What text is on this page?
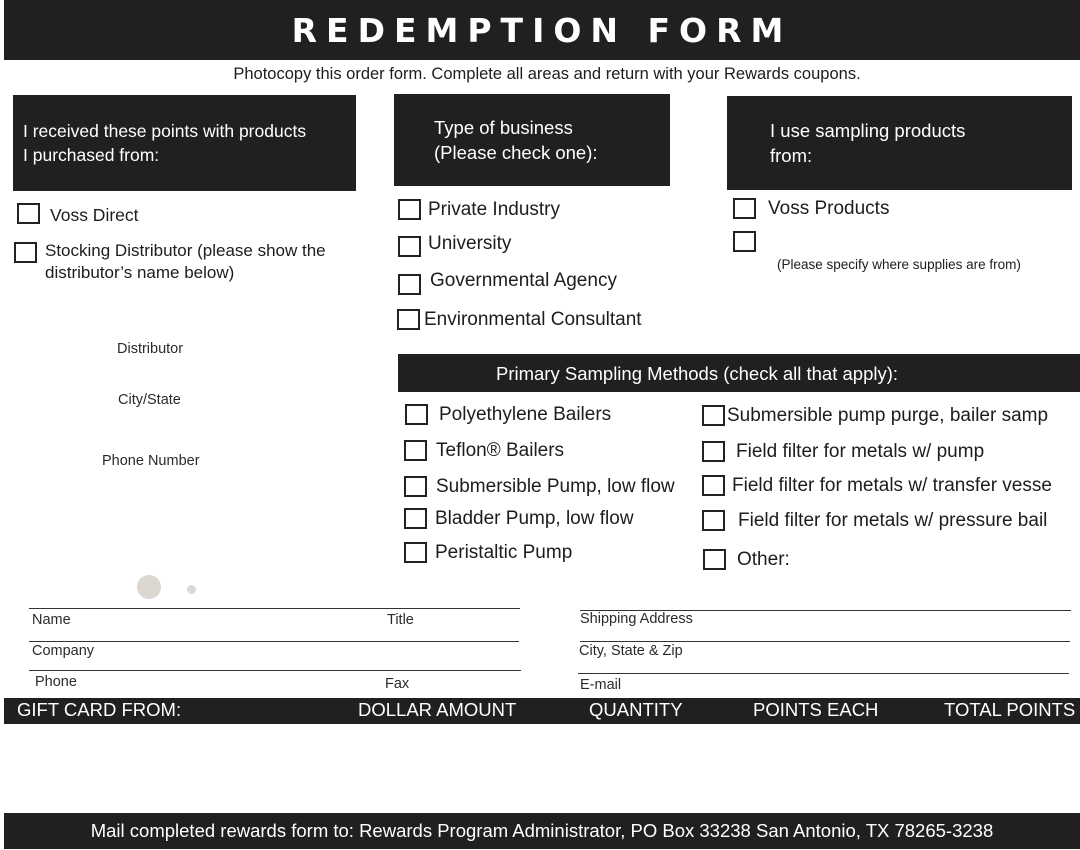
REDEMPTION FORM
Photocopy this order form. Complete all areas and return with your Rewards coupons.
I received these points with products
I purchased from:
Voss Direct
Stocking Distributor (please show the
distributor’s name below)
Distributor
City/State
Phone Number
Type of business
(Please check one):
Private Industry
University
Governmental Agency
Environmental Consultant
I use sampling products
from:
Voss Products
(Please specify where supplies are from)
Primary Sampling Methods (check all that apply):
Polyethylene Bailers
Teflon® Bailers
Submersible Pump, low flow
Bladder Pump, low flow
Peristaltic Pump
Submersible pump purge, bailer samp
Field filter for metals w/ pump
Field filter for metals w/ transfer vesse
Field filter for metals w/ pressure bail
Other:
Name	Title
Company
Phone	Fax
Shipping Address
City, State & Zip
E-mail
GIFT CARD FROM:	DOLLAR AMOUNT	QUANTITY	POINTS EACH	TOTAL POINTS
Mail completed rewards form to: Rewards Program Administrator, PO Box 33238 San Antonio, TX 78265-3238
